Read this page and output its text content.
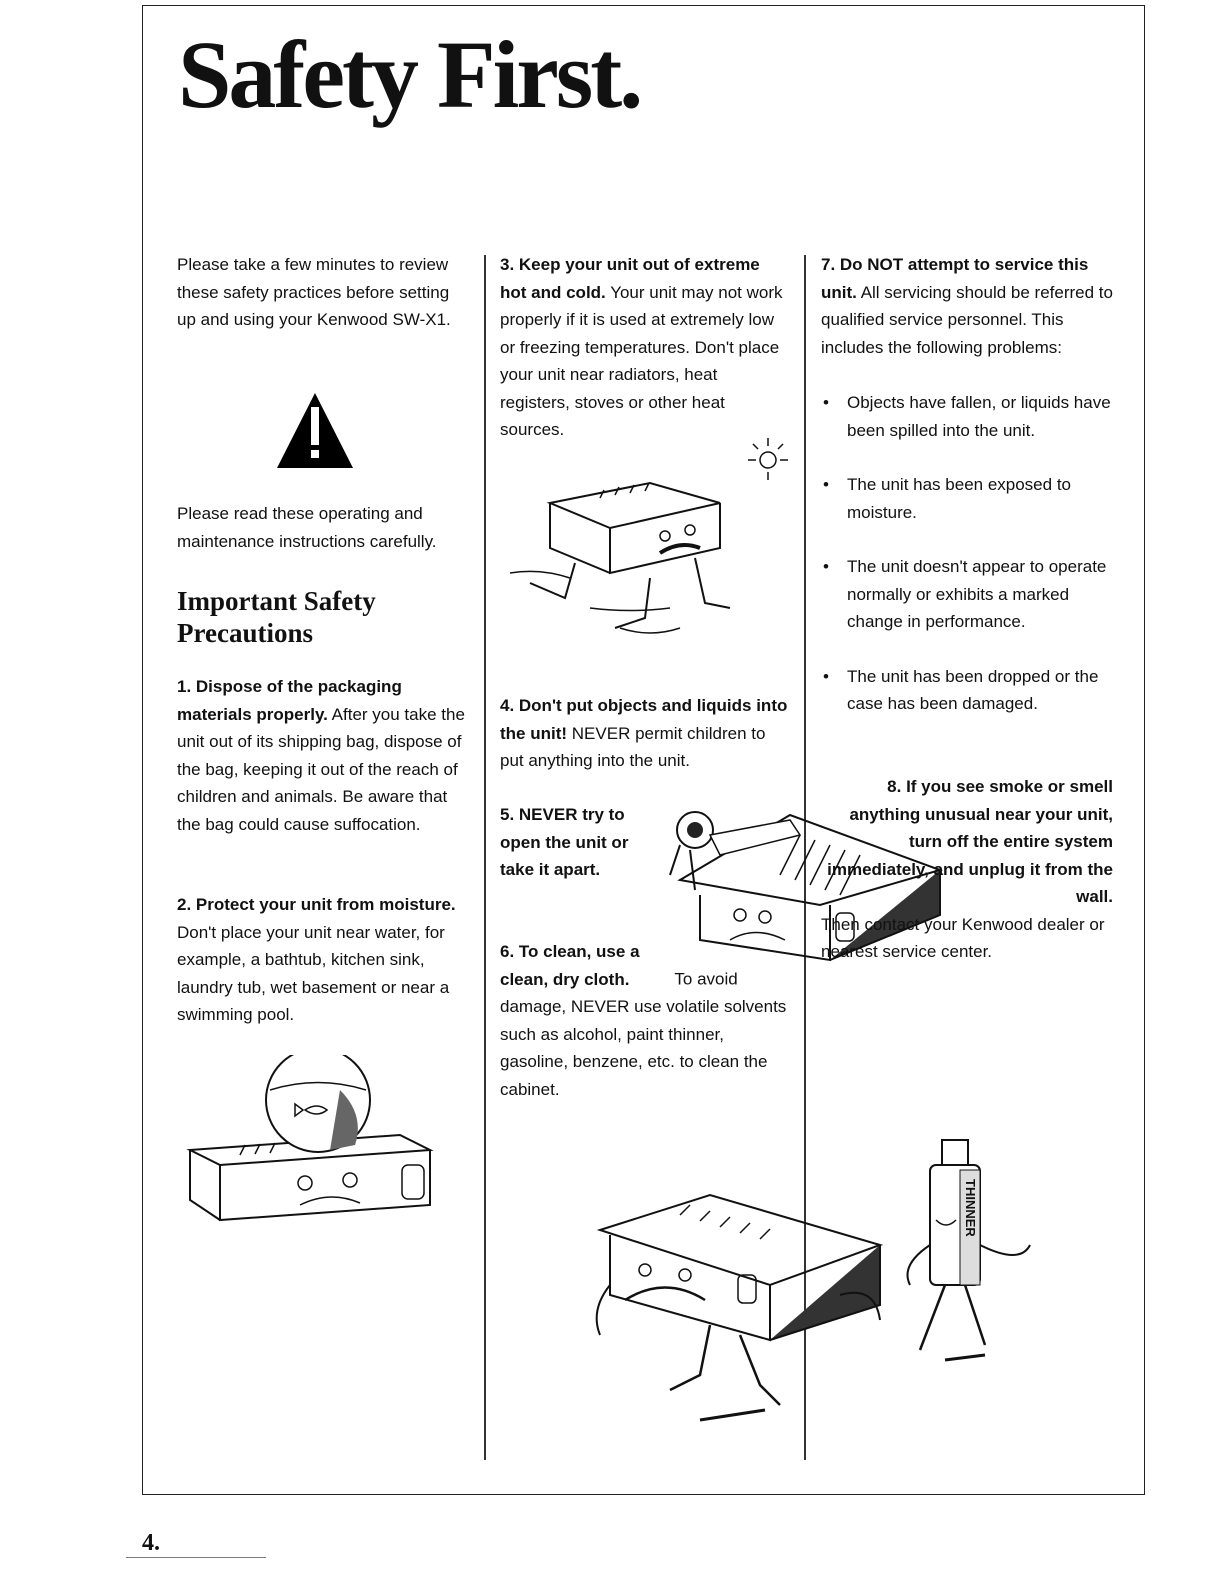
Safety First.

Please take a few minutes to review these safety practices before setting up and using your Kenwood SW-X1.

Please read these operating and maintenance instructions carefully.

Important Safety
Precautions

1. Dispose of the packaging materials properly. After you take the unit out of its shipping bag, dispose of the bag, keeping it out of the reach of children and animals. Be aware that the bag could cause suffocation.

2. Protect your unit from moisture. Don't place your unit near water, for example, a bathtub, kitchen sink, laundry tub, wet basement or near a swimming pool.

3. Keep your unit out of extreme hot and cold. Your unit may not work properly if it is used at extremely low or freezing temperatures. Don't place your unit near radiators, heat registers, stoves or other heat sources.

4. Don't put objects and liquids into the unit! NEVER permit children to put anything into the unit.

5. NEVER try to open the unit or take it apart.

6. To clean, use a clean, dry cloth.	To avoid damage, NEVER use volatile solvents such as alcohol, paint thinner, gasoline, benzene, etc. to clean the cabinet.

7. Do NOT attempt to service this unit. All servicing should be referred to qualified service personnel. This includes the following problems:

• Objects have fallen, or liquids have been spilled into the unit.
• The unit has been exposed to moisture.
• The unit doesn't appear to operate normally or exhibits a marked change in performance.
• The unit has been dropped or the case has been damaged.

8. If you see smoke or smell anything unusual near your unit, turn off the entire system immediately, and unplug it from the wall.

Then contact your Kenwood dealer or nearest service center.

THINNER
4.
